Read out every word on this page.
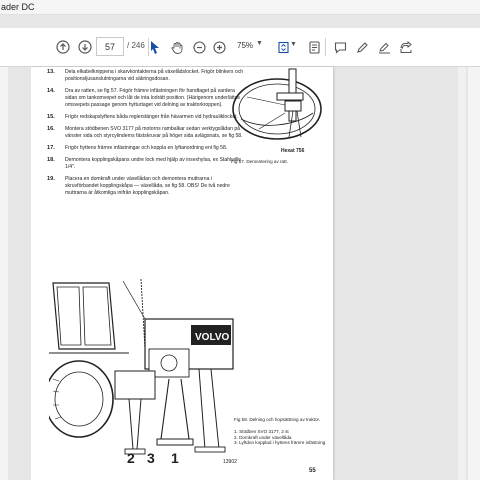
ader DC
57
/ 246	75% ▼	▼
13.	Dela elkabelknippena i skarvkontakterna på växelådslocket. Frigör blinkers och positionsljusanslutningarna vid säkringsdosan.
14.	Dra av ratten, se fig 57. Frigör främre infästningen för handtaget på vardera sidan om tankomvepet och låt de inta lodrätt position. (Härigenom underlättas omsvepets passage genom hytturtaget vid delning av traktorkroppen).
15.	Frigör redskapslyftens båda reglerstänger från hävarmen vid hydrauliklocket.
16.	Montera stödbenen SVO 3177 på motorns rambalkar sedan verktygslådan på vänster sida och styrcylinderns fästskruvar på höger sida avlägsnats, se fig 58.
17.	Frigör hyttens främre infästningar och koppla en lyftanordning enl fig 58.
18.	Demontera kopplingskåpans undre lock med hjälp av insexhylsa, ex Stahlwille 1/4".
19.	Placera en domkraft under växellådan och demontera muttrarna i skruvförbandet kopplingskåpa — växellåda, se fig 58. OBS! De två nedre muttrarna är åtkomliga inifrån kopplingskåpan.
Hexat 756
Fig 57. Demontering av ratt.
VOLVO
2 3 1	13902
Fig 58. Delning och hopsättning av traktor.
1. Stödben SVO 3177, 2 st
2. Domkraft under växellåda
3. Lyftdon kopplad i hyttens främre infästning
55
